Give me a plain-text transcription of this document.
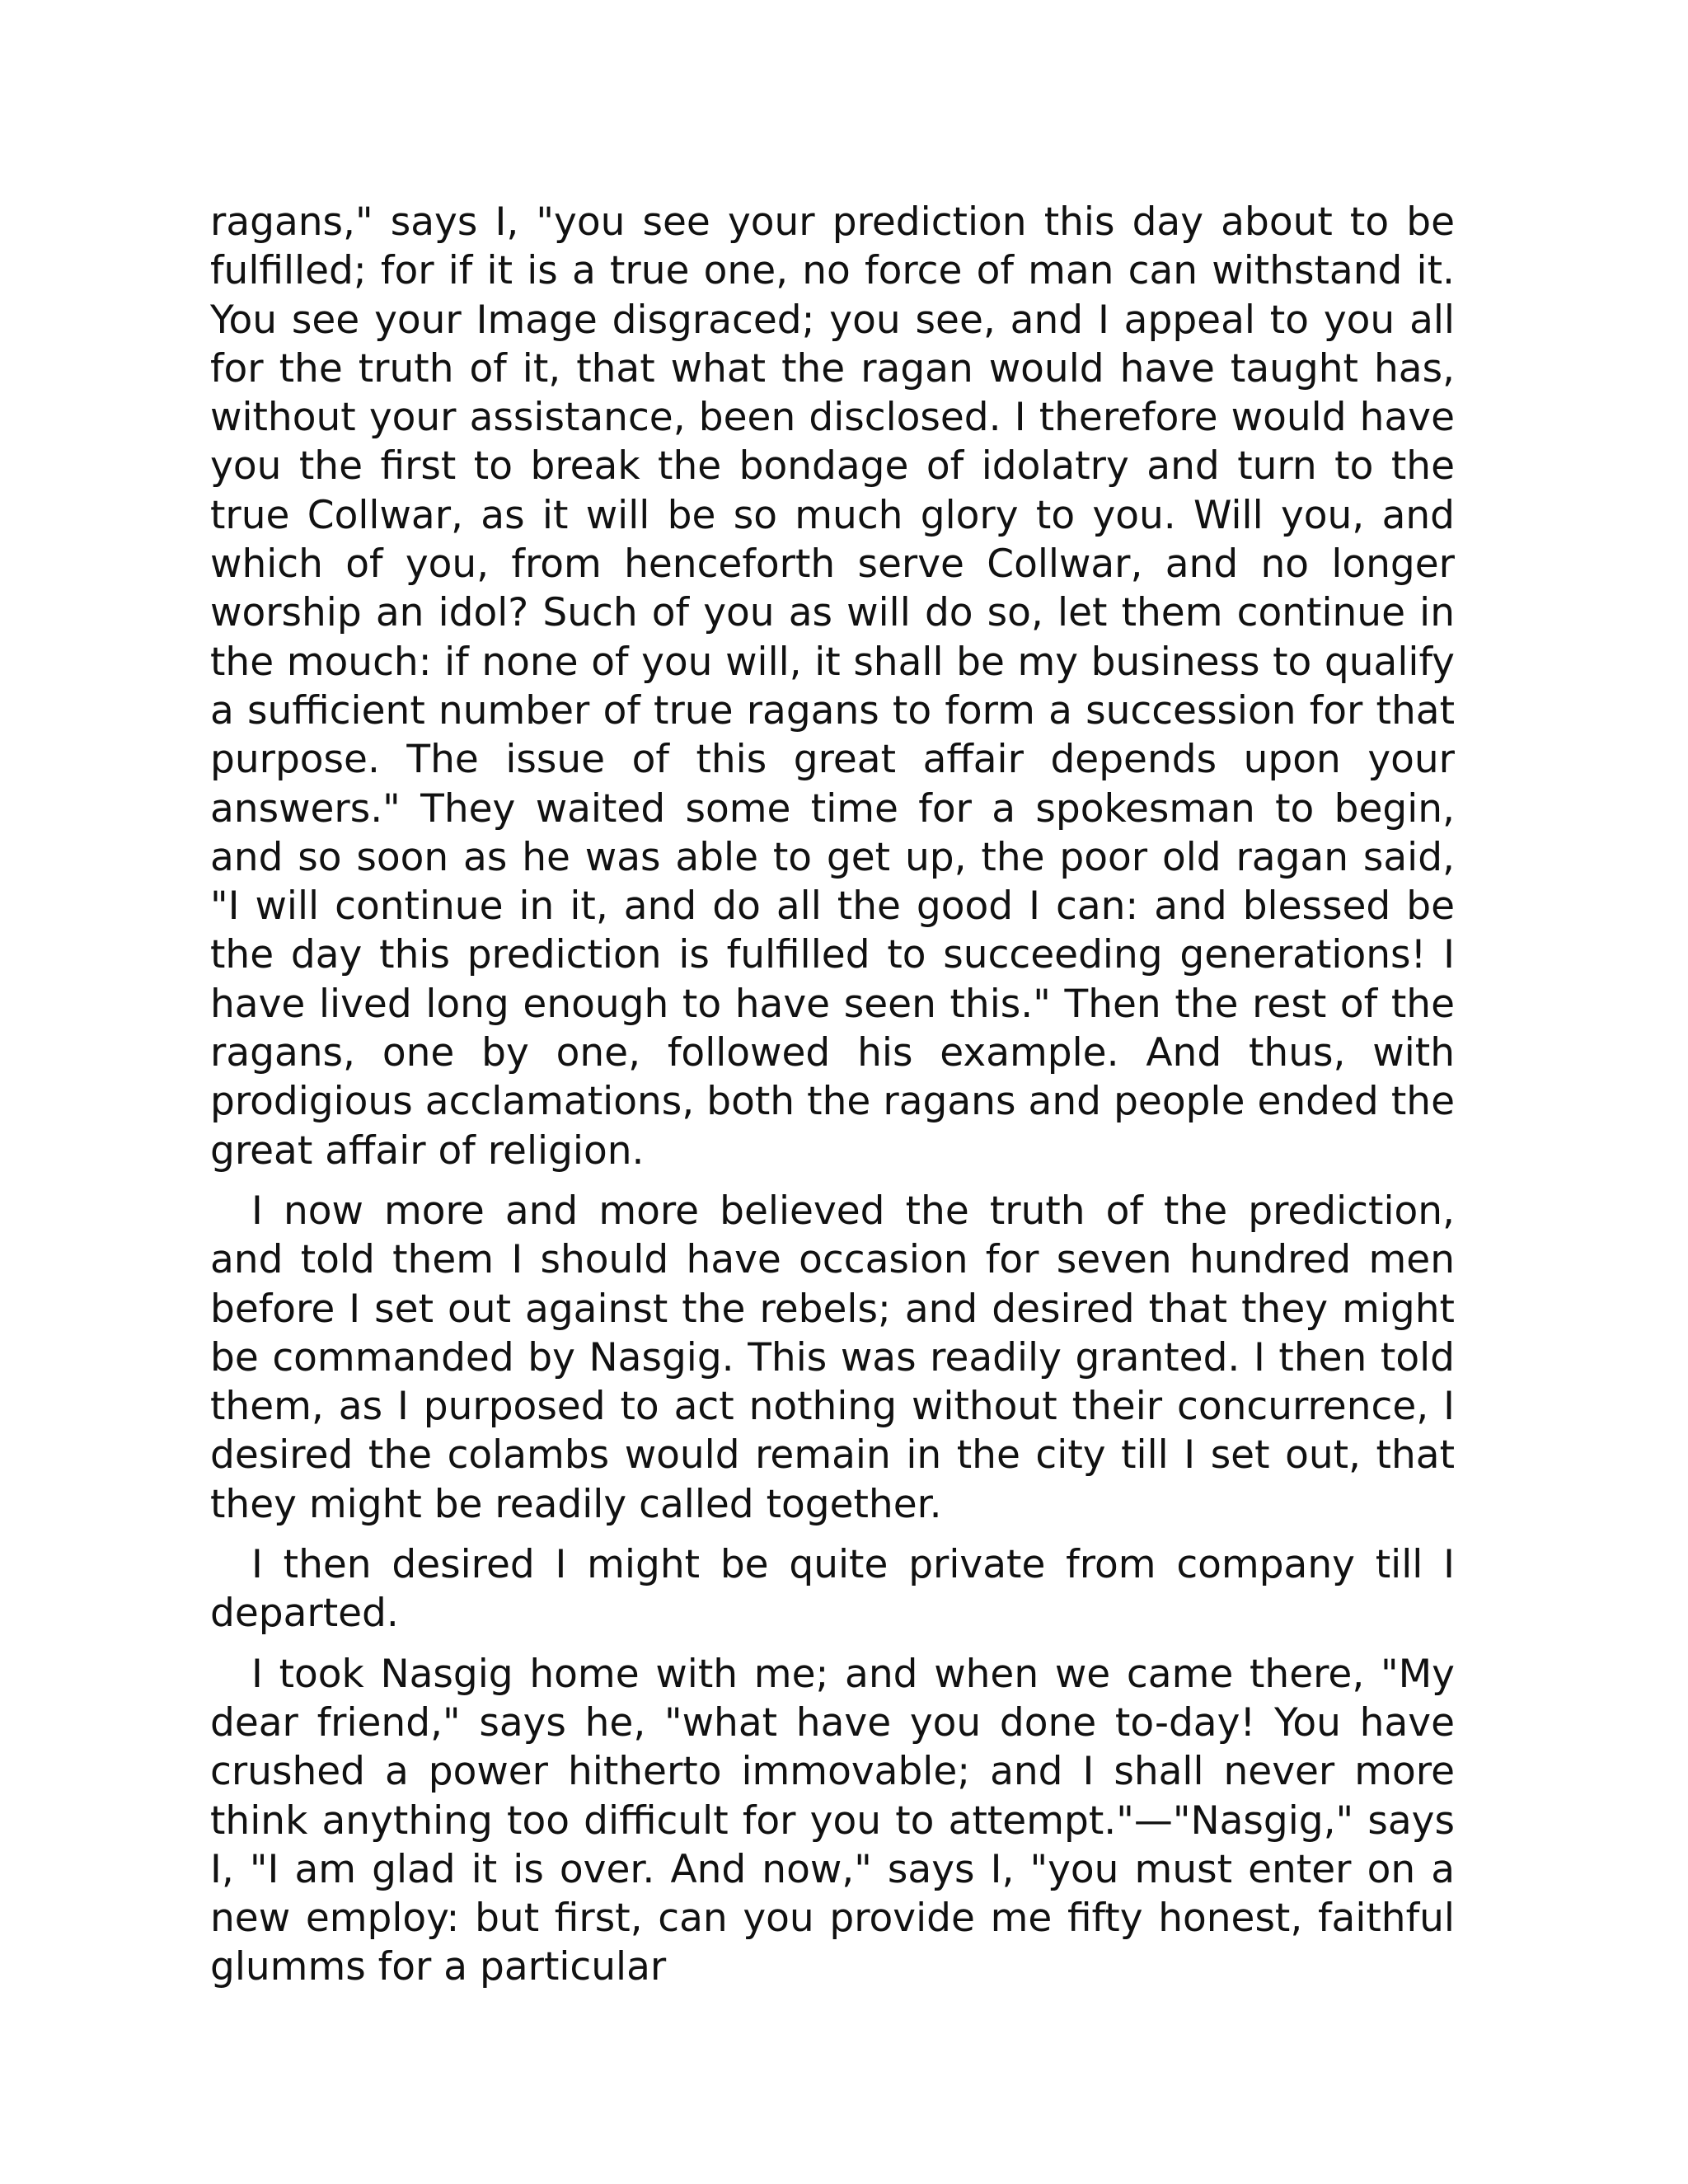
ragans," says I, "you see your prediction this day about to be fulfilled; for if it is a true one, no force of man can withstand it. You see your Image disgraced; you see, and I appeal to you all for the truth of it, that what the ragan would have taught has, without your assistance, been disclosed. I therefore would have you the first to break the bondage of idolatry and turn to the true Collwar, as it will be so much glory to you. Will you, and which of you, from henceforth serve Collwar, and no longer worship an idol? Such of you as will do so, let them continue in the mouch: if none of you will, it shall be my business to qualify a sufficient number of true ragans to form a succession for that purpose. The issue of this great affair depends upon your answers." They waited some time for a spokesman to begin, and so soon as he was able to get up, the poor old ragan said, "I will continue in it, and do all the good I can: and blessed be the day this prediction is fulfilled to succeeding generations! I have lived long enough to have seen this." Then the rest of the ragans, one by one, followed his example. And thus, with prodigious acclamations, both the ragans and people ended the great affair of religion.

I now more and more believed the truth of the prediction, and told them I should have occasion for seven hundred men before I set out against the rebels; and desired that they might be commanded by Nasgig. This was readily granted. I then told them, as I purposed to act nothing without their concurrence, I desired the colambs would remain in the city till I set out, that they might be readily called together.

I then desired I might be quite private from company till I departed.

I took Nasgig home with me; and when we came there, "My dear friend," says he, "what have you done to-day! You have crushed a power hitherto immovable; and I shall never more think anything too difficult for you to attempt."—"Nasgig," says I, "I am glad it is over. And now," says I, "you must enter on a new employ: but first, can you provide me fifty honest, faithful glumms for a particular
